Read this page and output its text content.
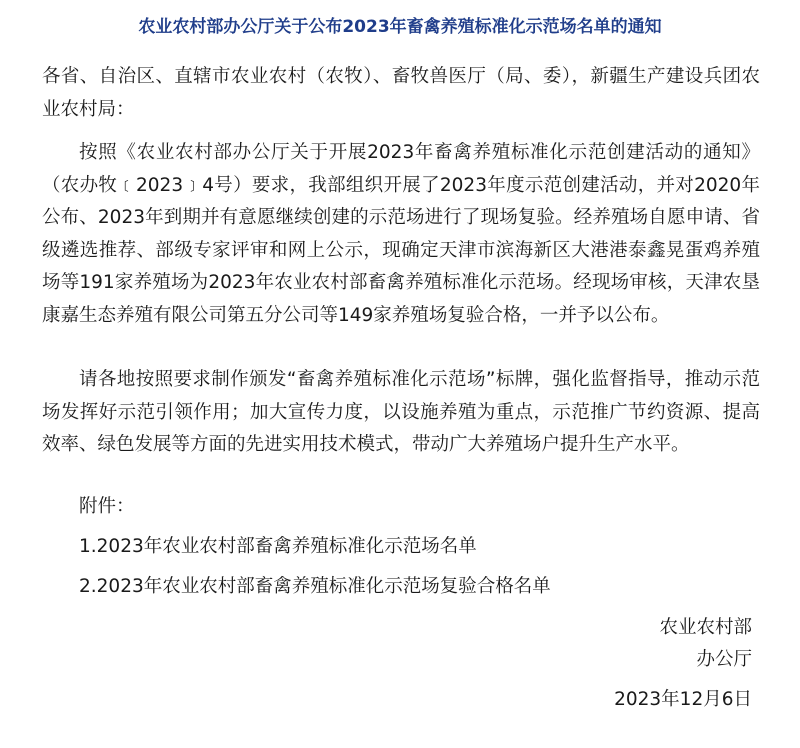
农业农村部办公厅关于公布2023年畜禽养殖标准化示范场名单的通知

各省、自治区、直辖市农业农村（农牧）、畜牧兽医厅（局、委），新疆生产建设兵团农业农村局：

按照《农业农村部办公厅关于开展2023年畜禽养殖标准化示范创建活动的通知》（农办牧﹝2023﹞4号）要求，我部组织开展了2023年度示范创建活动，并对2020年公布、2023年到期并有意愿继续创建的示范场进行了现场复验。经养殖场自愿申请、省级遴选推荐、部级专家评审和网上公示，现确定天津市滨海新区大港港泰鑫晃蛋鸡养殖场等191家养殖场为2023年农业农村部畜禽养殖标准化示范场。经现场审核，天津农垦康嘉生态养殖有限公司第五分公司等149家养殖场复验合格，一并予以公布。

请各地按照要求制作颁发“畜禽养殖标准化示范场”标牌，强化监督指导，推动示范场发挥好示范引领作用；加大宣传力度，以设施养殖为重点，示范推广节约资源、提高效率、绿色发展等方面的先进实用技术模式，带动广大养殖场户提升生产水平。

附件：

1.2023年农业农村部畜禽养殖标准化示范场名单

2.2023年农业农村部畜禽养殖标准化示范场复验合格名单

农业农村部
办公厅
2023年12月6日
